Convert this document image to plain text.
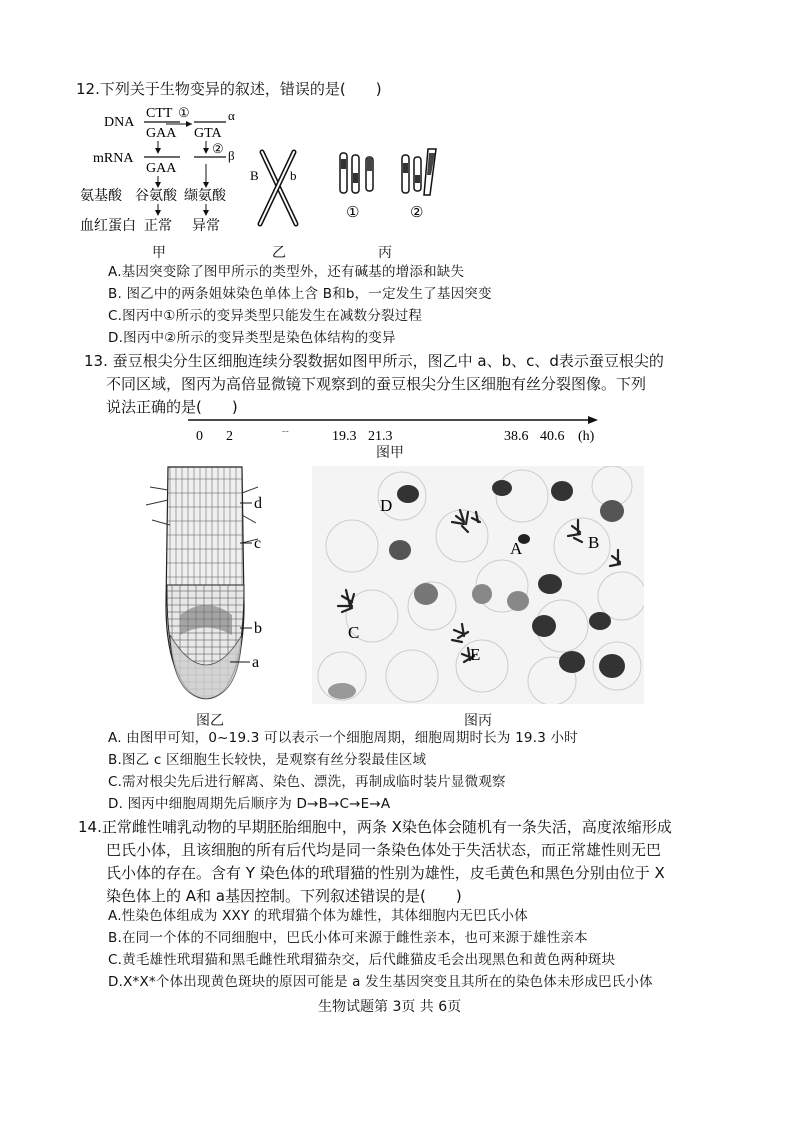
12.下列关于生物变异的叙述，错误的是(　　)
DNA
CTT ①	α
GAA GTA
②
mRNA	β
GAA
氨基酸 谷氨酸 缬氨酸
血红蛋白 正常 异常
甲
B b
乙
①	②
丙
A.基因突变除了图甲所示的类型外，还有碱基的增添和缺失
B. 图乙中的两条姐妹染色单体上含 B和b，一定发生了基因突变
C.图丙中①所示的变异类型只能发生在减数分裂过程
D.图丙中②所示的变异类型是染色体结构的变异
13. 蚕豆根尖分生区细胞连续分裂数据如图甲所示，图乙中 a、b、c、d表示蚕豆根尖的
不同区域，图丙为高倍显微镜下观察到的蚕豆根尖分生区细胞有丝分裂图像。下列
说法正确的是(　　)
0 2	--	19.3 21.3	38.6 40.6 (h)
图甲
d
c
b
a
图乙
D
A	B
C
E
图丙
A. 由图甲可知，0~19.3 可以表示一个细胞周期，细胞周期时长为 19.3 小时
B.图乙 c 区细胞生长较快，是观察有丝分裂最佳区域
C.需对根尖先后进行解离、染色、漂洗，再制成临时装片显微观察
D. 图丙中细胞周期先后顺序为 D→B→C→E→A
14.正常雌性哺乳动物的早期胚胎细胞中，两条 X染色体会随机有一条失活，高度浓缩形成
巴氏小体，且该细胞的所有后代均是同一条染色体处于失活状态，而正常雄性则无巴
氏小体的存在。含有 Y 染色体的玳瑁猫的性别为雄性，皮毛黄色和黑色分别由位于 X
染色体上的 A和 a基因控制。下列叙述错误的是(　　)
A.性染色体组成为 XXY 的玳瑁猫个体为雄性，其体细胞内无巴氏小体
B.在同一个体的不同细胞中，巴氏小体可来源于雌性亲本，也可来源于雄性亲本
C.黄毛雄性玳瑁猫和黑毛雌性玳瑁猫杂交，后代雌猫皮毛会出现黑色和黄色两种斑块
D.X*X*个体出现黄色斑块的原因可能是 a 发生基因突变且其所在的染色体未形成巴氏小体
生物试题第 3页 共 6页
